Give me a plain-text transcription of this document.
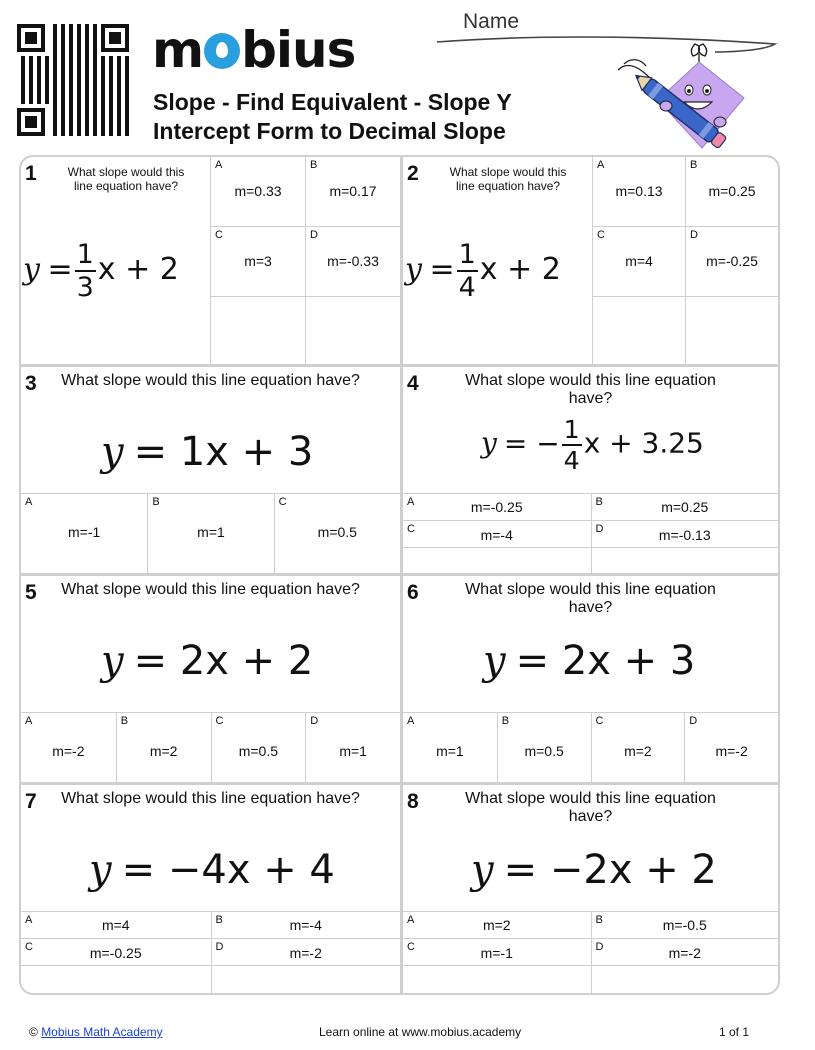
m bius
Slope - Find Equivalent - Slope Y Intercept Form to Decimal Slope
Name
1	What slope would this line equation have?
$y = \frac{1}{3}$ x + 2
A
m=0.33
B
m=0.17
C
m=3
D
m=-0.33
2	What slope would this line equation have?
$y = \frac{1}{4}$ x + 2
A
m=0.13
B
m=0.25
C
m=4
D
m=-0.25
3 What slope would this line equation have?
y = 1x + 3
A
m=-1
B
m=1
C
m=0.5
4	What slope would this line equation have?
y = − $\frac{1}{4}$ x + 3.25
A	m=-0.25	B	m=0.25
C	m=-4	D	m=-0.13
5 What slope would this line equation have?
y = 2x + 2
A
m=-2
B
m=2
C
m=0.5
D
m=1
6	What slope would this line equation have?
y = 2x + 3
A
m=1
B
m=0.5
C
m=2
D
m=-2
7 What slope would this line equation have?
y = −4x + 4
A	m=4	B	m=-4
C	m=-0.25	D	m=-2
8	What slope would this line equation have?
y = −2x + 2
A	m=2	B	m=-0.5
C	m=-1	D	m=-2
© Mobius Math Academy	Learn online at www.mobius.academy	1 of 1
